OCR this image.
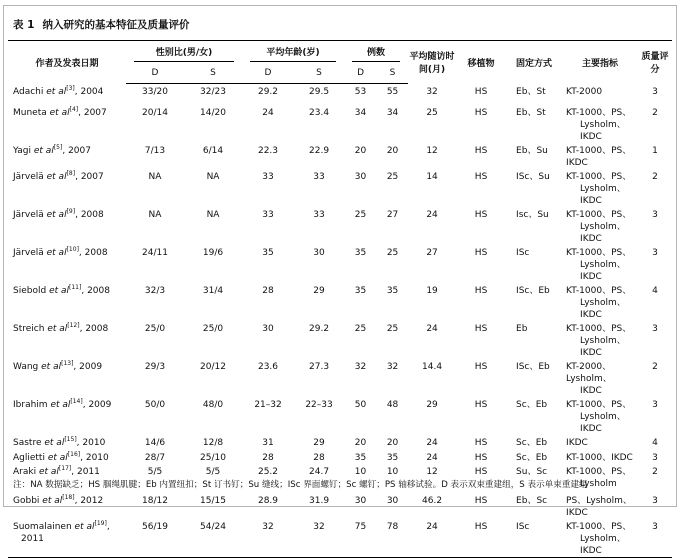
表 1 纳入研究的基本特征及质量评价
作者及发表日期	性别比(男/女)		平均年龄(岁)		例数		平均随访时间(月)	移植物	固定方式	主要指标	质量评分
	D	S	D	S	D	S					
Adachi et al[3], 2004	33/20	32/23	29.2	29.5	53	55	32	HS	Eb、St	KT-2000	3
Muneta et al[4], 2007	20/14	14/20	24	23.4	34	34	25	HS	Eb、St	KT-1000、PS、
Lysholm、IKDC	2
Yagi et al[5], 2007	7/13	6/14	22.3	22.9	20	20	12	HS	Eb、Su	KT-1000、PS、IKDC	1
Järvelä et al[8], 2007	NA	NA	33	33	30	25	14	HS	ISc、Su	KT-1000、PS、
Lysholm、IKDC	2
Järvelä et al[9], 2008	NA	NA	33	33	25	27	24	HS	Isc、Su	KT-1000、PS、
Lysholm、IKDC	3
Järvelä et al[10], 2008	24/11	19/6	35	30	35	25	27	HS	ISc	KT-1000、PS、
Lysholm、IKDC	3
Siebold et al[11], 2008	32/3	31/4	28	29	35	35	19	HS	ISc、Eb	KT-1000、PS、
Lysholm、IKDC	4
Streich et al[12], 2008	25/0	25/0	30	29.2	25	25	24	HS	Eb	KT-1000、PS、
Lysholm、IKDC	3
Wang et al[13], 2009	29/3	20/12	23.6	27.3	32	32	14.4	HS	ISc、Eb	KT-2000、Lysholm、
IKDC	2
Ibrahim et al[14], 2009	50/0	48/0	21–32	22–33	50	48	29	HS	Sc、Eb	KT-1000、PS、
Lysholm、IKDC	3
Sastre et al[15], 2010	14/6	12/8	31	29	20	20	24	HS	Sc、Eb	IKDC	4
Aglietti et al[16], 2010	28/7	25/10	28	28	35	35	24	HS	Sc、Eb	KT-1000、IKDC	3
Araki et al[17], 2011	5/5	5/5	25.2	24.7	10	10	12	HS	Su、Sc	KT-1000、PS、
Lysholm	2
Gobbi et al[18], 2012	18/12	15/15	28.9	31.9	30	30	46.2	HS	Eb、Sc	PS、Lysholm、IKDC	3
Suomalainen et al[19],
2011	56/19	54/24	32	32	75	78	24	HS	ISc	KT-1000、PS、
Lysholm、IKDC	3
注：NA 数据缺乏；HS 腘绳肌腱；Eb 内置纽扣；St 订书钉；Su 缝线；ISc 界面螺钉；Sc 螺钉；PS 轴移试验。D 表示双束重建组，S 表示单束重建组
